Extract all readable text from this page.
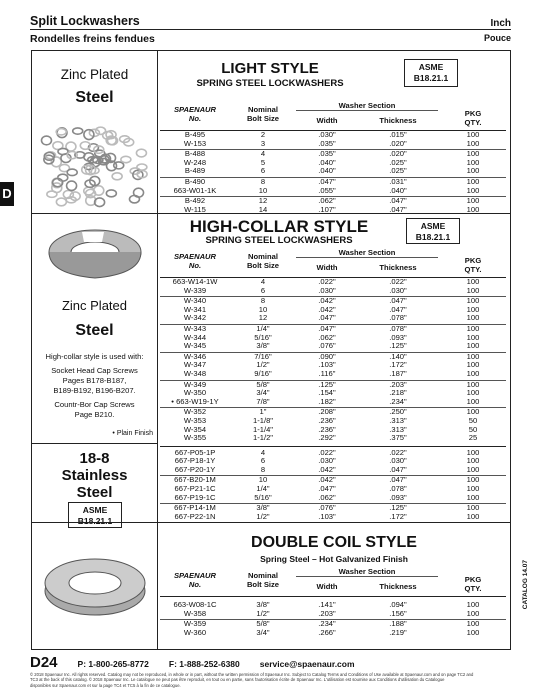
Split Lockwashers	Inch
Rondelles freins fendues	Pouce
D
Zinc Plated
Steel
LIGHT STYLE
SPRING STEEL LOCKWASHERS
ASME
B18.21.1
SPAENAUR
No.
Nominal
Bolt Size
Washer Section
Width	Thickness
PKG
QTY.
B-495	2	.030"	.015"	100
W-153	3	.035"	.020"	100
B-488	4	.035"	.020"	100
W-248	5	.040"	.025"	100
B-489	6	.040"	.025"	100
B-490	8	.047"	.031"	100
663-W01-1K	10	.055"	.040"	100
B-492	12	.062"	.047"	100
W-115	14	.107"	.047"	100
Zinc Plated
Steel
High-collar style is used with:
Socket Head Cap Screws
Pages B178-B187,
B189-B192, B196-B207.
Countr-Bor Cap Screws
Page B210.
• Plain Finish
18-8
Stainless
Steel
ASME
B18.21.1
HIGH-COLLAR STYLE
SPRING STEEL LOCKWASHERS
ASME
B18.21.1
SPAENAUR
No.
Nominal
Bolt Size
Washer Section
Width	Thickness
PKG
QTY.
663-W14-1W	4	.022"	.022"	100
W-339	6	.030"	.030"	100
W-340	8	.042"	.047"	100
W-341	10	.042"	.047"	100
W-342	12	.047"	.078"	100
W-343	1/4"	.047"	.078"	100
W-344	5/16"	.062"	.093"	100
W-345	3/8"	.076"	.125"	100
W-346	7/16"	.090"	.140"	100
W-347	1/2"	.103"	.172"	100
W-348	9/16"	.116"	.187"	100
W-349	5/8"	.125"	.203"	100
W-350	3/4"	.154"	.218"	100
• 663-W19-1Y	7/8"	.182"	.234"	100
W-352	1"	.208"	.250"	100
W-353	1-1/8"	.236"	.313"	50
W-354	1-1/4"	.236"	.313"	50
W-355	1-1/2"	.292"	.375"	25
667-P05-1P	4	.022"	.022"	100
667-P18-1Y	6	.030"	.030"	100
667-P20-1Y	8	.042"	.047"	100
667-B20-1M	10	.042"	.047"	100
667-P21-1C	1/4"	.047"	.078"	100
667-P19-1C	5/16"	.062"	.093"	100
667-P14-1M	3/8"	.076"	.125"	100
667-P22-1N	1/2"	.103"	.172"	100
DOUBLE COIL STYLE
Spring Steel – Hot Galvanized Finish
SPAENAUR
No.
Nominal
Bolt Size
Washer Section
Width	Thickness
PKG
QTY.
663-W08-1C	3/8"	.141"	.094"	100
W-358	1/2"	.203"	.156"	100
W-359	5/8"	.234"	.188"	100
W-360	3/4"	.266"	.219"	100
CATALOG 14.07
D24 P: 1-800-265-8772 F: 1-888-252-6380 service@spaenaur.com
© 2018 Spaenaur Inc. All rights reserved. Catalog may not be reproduced, in whole or in part, without the written permission of Spaenaur Inc. Subject to Catalog Terms and Conditions of Use available at Spaenaur.com and on page TC2 and
TC3 at the back of this catalog. © 2018 Spaenaur Inc. Le catalogue ne peut pas être reproduit, en tout ou en partie, sans l'autorisation écrite de Spaenaur Inc. L'utilisation est soumise aux Conditions d'utilisation du Catalogue
disponibles sur Spaenaur.com et sur la page TC4 et TC5 à la fin de ce catalogue.
